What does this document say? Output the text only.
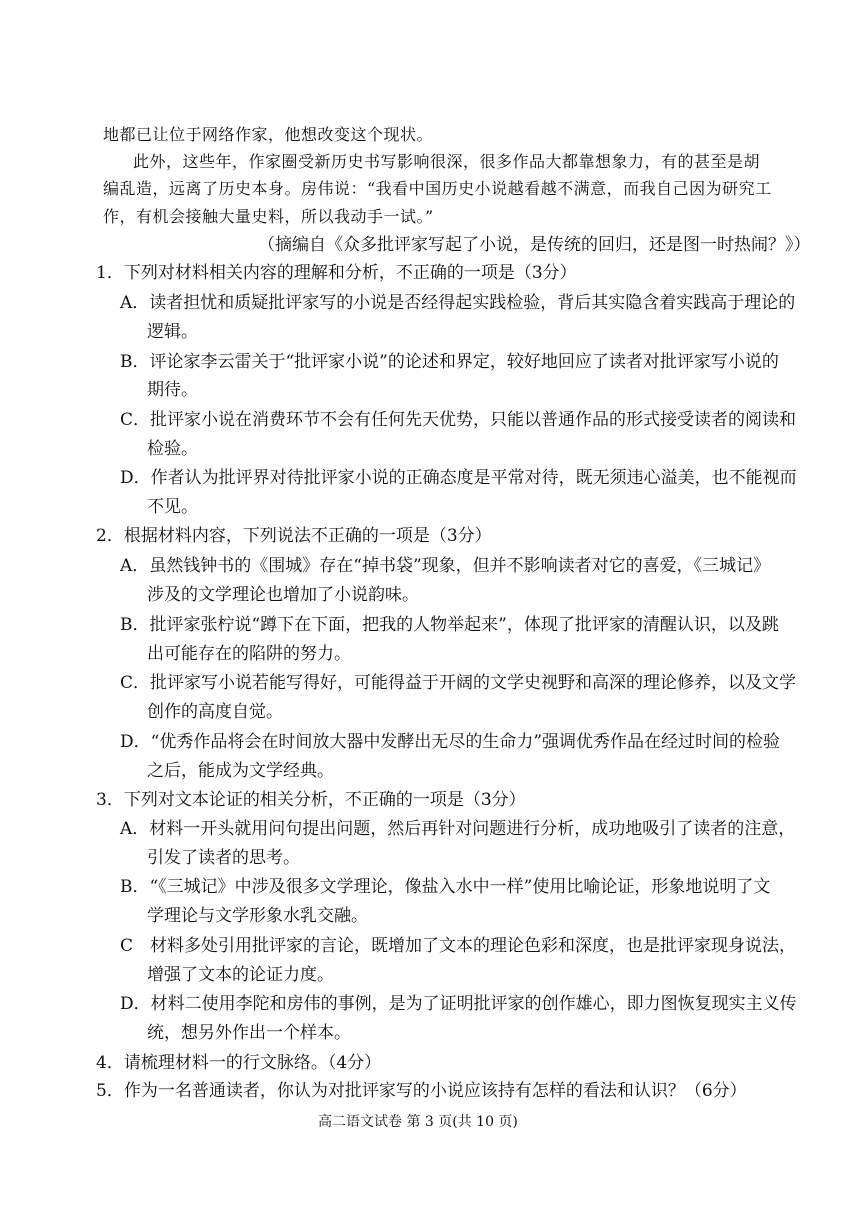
地都已让位于网络作家，他想改变这个现状。
此外，这些年，作家圈受新历史书写影响很深，很多作品大都靠想象力，有的甚至是胡
编乱造，远离了历史本身。房伟说：“我看中国历史小说越看越不满意，而我自己因为研究工
作，有机会接触大量史料，所以我动手一试。”
（摘编自《众多批评家写起了小说，是传统的回归，还是图一时热闹？》）
1．下列对材料相关内容的理解和分析，不正确的一项是（3分）
A．读者担忧和质疑批评家写的小说是否经得起实践检验，背后其实隐含着实践高于理论的
逻辑。
B．评论家李云雷关于“批评家小说”的论述和界定，较好地回应了读者对批评家写小说的
期待。
C．批评家小说在消费环节不会有任何先天优势，只能以普通作品的形式接受读者的阅读和
检验。
D．作者认为批评界对待批评家小说的正确态度是平常对待，既无须违心溢美，也不能视而
不见。
2．根据材料内容，下列说法不正确的一项是（3分）
A．虽然钱钟书的《围城》存在“掉书袋”现象，但并不影响读者对它的喜爱，《三城记》
涉及的文学理论也增加了小说韵味。
B．批评家张柠说“蹲下在下面，把我的人物举起来”，体现了批评家的清醒认识，以及跳
出可能存在的陷阱的努力。
C．批评家写小说若能写得好，可能得益于开阔的文学史视野和高深的理论修养，以及文学
创作的高度自觉。
D．“优秀作品将会在时间放大器中发酵出无尽的生命力”强调优秀作品在经过时间的检验
之后，能成为文学经典。
3．下列对文本论证的相关分析，不正确的一项是（3分）
A．材料一开头就用问句提出问题，然后再针对问题进行分析，成功地吸引了读者的注意，
引发了读者的思考。
B．“《三城记》中涉及很多文学理论，像盐入水中一样”使用比喻论证，形象地说明了文
学理论与文学形象水乳交融。
C　材料多处引用批评家的言论，既增加了文本的理论色彩和深度，也是批评家现身说法，
增强了文本的论证力度。
D．材料二使用李陀和房伟的事例，是为了证明批评家的创作雄心，即力图恢复现实主义传
统，想另外作出一个样本。
4．请梳理材料一的行文脉络。（4分）
5．作为一名普通读者，你认为对批评家写的小说应该持有怎样的看法和认识？（6分）
高二语文试卷 第 3 页(共 10 页)
